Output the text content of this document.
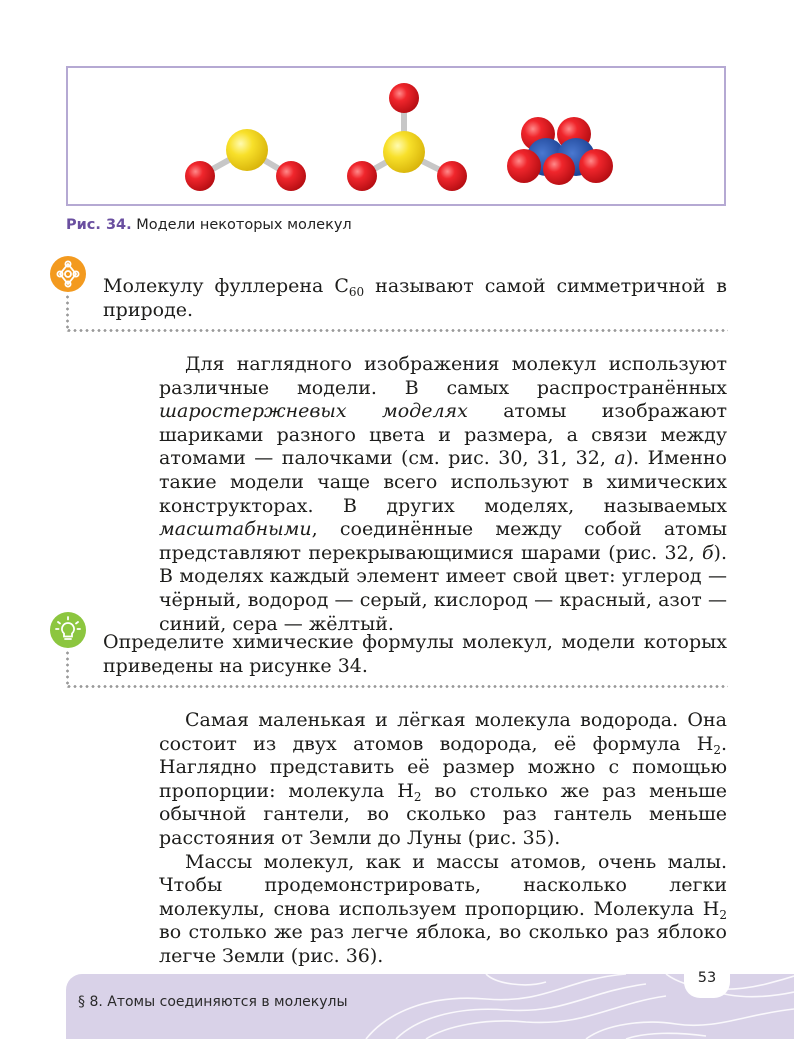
Рис. 34. Модели некоторых молекул
Молекулу фуллерена $C_{60}$ называют самой симметричной в природе.

Для наглядного изображения молекул используют различные модели. В самых распространённых шаростержневых моделях атомы изображают шариками разного цвета и размера, а связи между атомами — палочками (см. рис. 30, 31, 32, а). Именно такие модели чаще всего используют в химических конструкторах. В других моделях, называемых масштабными, соединённые между собой атомы представляют перекрывающимися шарами (рис. 32, б). В моделях каждый элемент имеет свой цвет: углерод — чёрный, водород — серый, кислород — красный, азот — синий, сера — жёлтый.

Определите химические формулы молекул, модели которых приведены на рисунке 34.

Самая маленькая и лёгкая молекула водорода. Она состоит из двух атомов водорода, её формула $H_2$. Наглядно представить её размер можно с помощью пропорции: молекула $H_2$ во столько же раз меньше обычной гантели, во сколько раз гантель меньше расстояния от Земли до Луны (рис. 35).

Массы молекул, как и массы атомов, очень малы. Чтобы продемонстрировать, насколько легки молекулы, снова используем пропорцию. Молекула $H_2$ во столько же раз легче яблока, во сколько раз яблоко легче Земли (рис. 36).

§ 8. Атомы соединяются в молекулы
53
